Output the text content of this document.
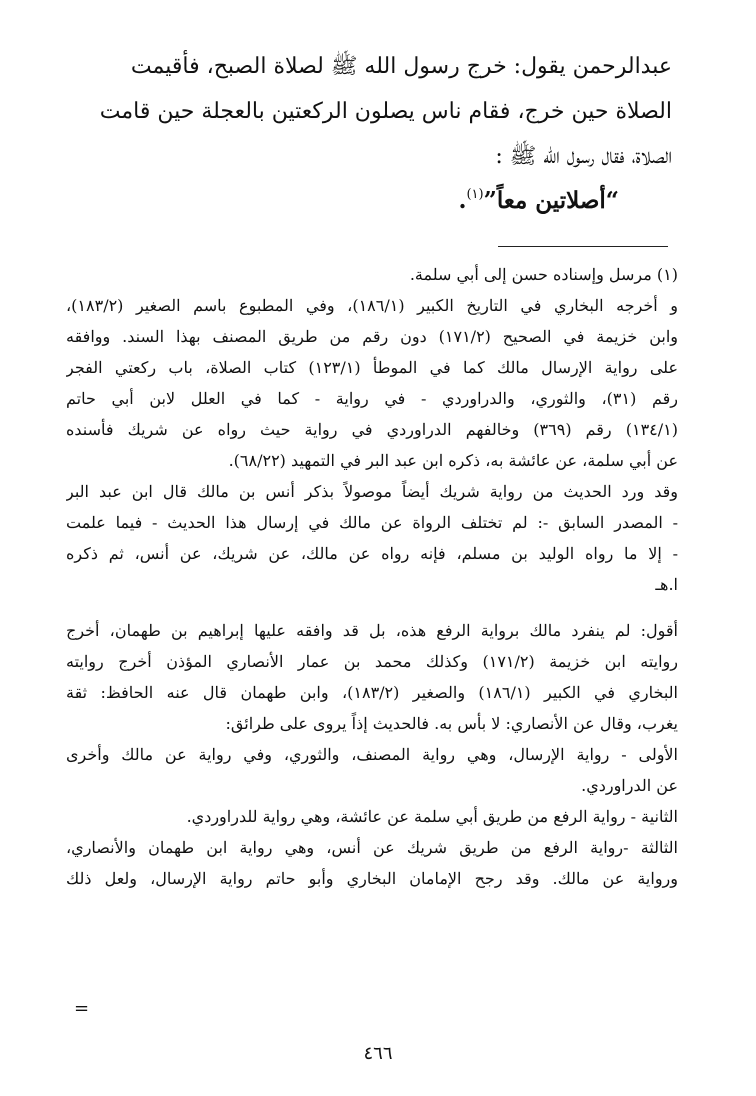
عبدالرحمن يقول: خرج رسول الله ﷺ لصلاة الصبح، فأقيمت
الصلاة حين خرج، فقام ناس يصلون الركعتين بالعجلة حين قامت
الصلاة، فقال رسول الله ﷺ :
“أصلاتين معاً”$^{(١)}$.
(١) مرسل وإسناده حسن إلى أبي سلمة.
و أخرجه البخاري في التاريخ الكبير (١٨٦/١)، وفي المطبوع باسم الصغير (١٨٣/٢)،
وابن خزيمة في الصحيح (١٧١/٢) دون رقم من طريق المصنف بهذا السند. ووافقه
على رواية الإرسال مالك كما في الموطأ (١٢٣/١) كتاب الصلاة، باب ركعتي الفجر
رقم (٣١)، والثوري، والدراوردي - في رواية - كما في العلل لابن أبي حاتم
(١٣٤/١) رقم (٣٦٩) وخالفهم الدراوردي في رواية حيث رواه عن شريك فأسنده
عن أبي سلمة، عن عائشة به، ذكره ابن عبد البر في التمهيد (٦٨/٢٢).
وقد ورد الحديث من رواية شريك أيضاً موصولاً بذكر أنس بن مالك قال ابن عبد البر
- المصدر السابق -: لم تختلف الرواة عن مالك في إرسال هذا الحديث - فيما علمت
- إلا ما رواه الوليد بن مسلم، فإنه رواه عن مالك، عن شريك، عن أنس، ثم ذكره
ا.هـ
أقول: لم ينفرد مالك برواية الرفع هذه، بل قد وافقه عليها إبراهيم بن طهمان، أخرج
روايته ابن خزيمة (١٧١/٢) وكذلك محمد بن عمار الأنصاري المؤذن أخرج روايته
البخاري في الكبير (١٨٦/١) والصغير (١٨٣/٢)، وابن طهمان قال عنه الحافظ: ثقة
يغرب، وقال عن الأنصاري: لا بأس به. فالحديث إذاً يروى على طرائق:
الأولى - رواية الإرسال، وهي رواية المصنف، والثوري، وفي رواية عن مالك وأخرى
عن الدراوردي.
الثانية - رواية الرفع من طريق أبي سلمة عن عائشة، وهي رواية للدراوردي.
الثالثة -رواية الرفع من طريق شريك عن أنس، وهي رواية ابن طهمان والأنصاري،
ورواية عن مالك. وقد رجح الإمامان البخاري وأبو حاتم رواية الإرسال، ولعل ذلك
=
٤٦٦
